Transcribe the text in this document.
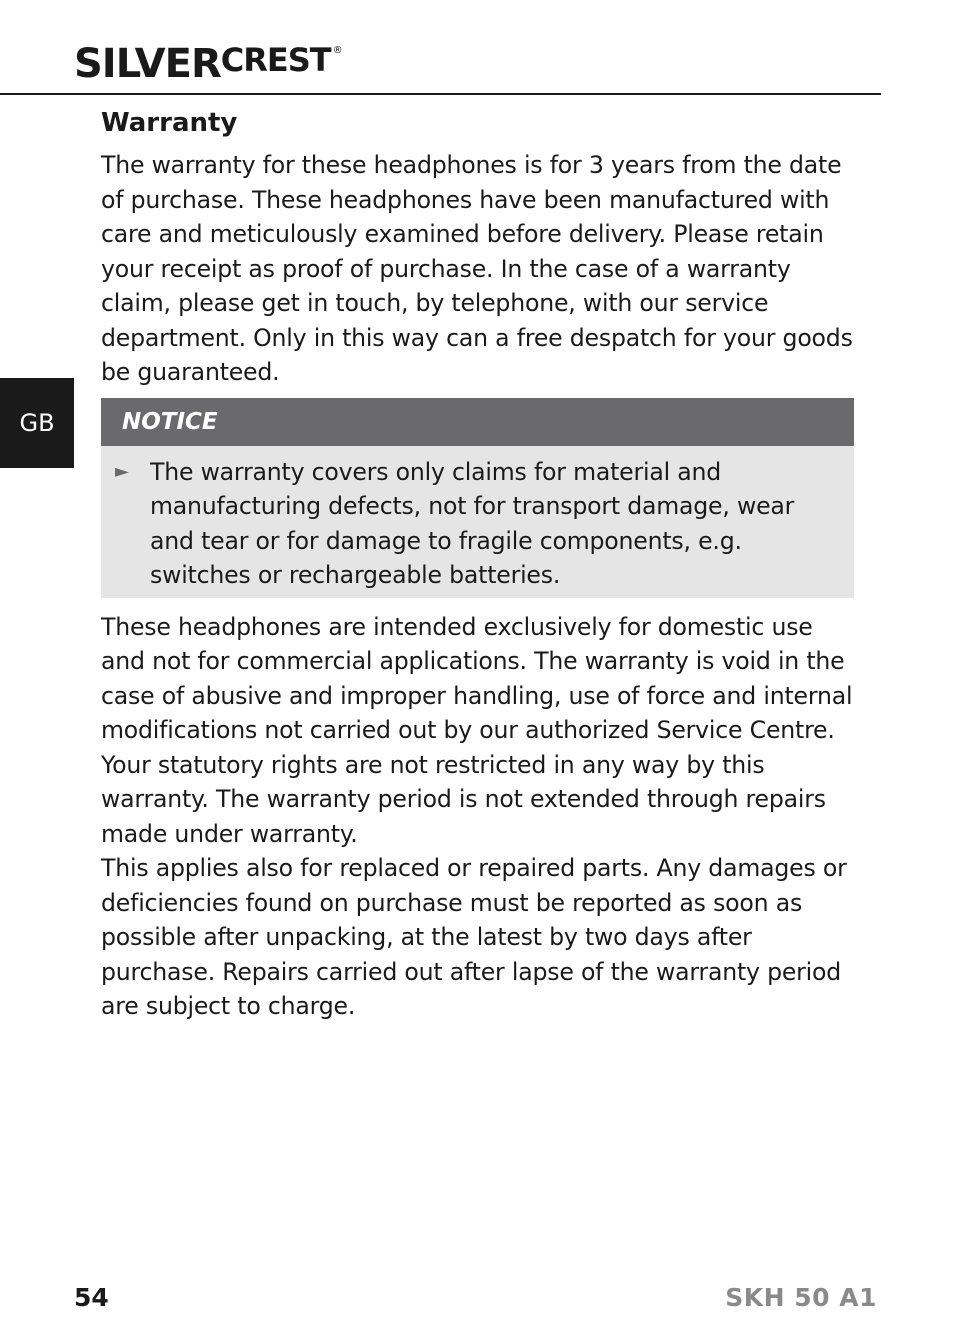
SILVER CREST ®
GB
Warranty

The warranty for these headphones is for 3 years from the date of purchase. These headphones have been manufactured with care and meticulously examined before delivery. Please retain your receipt as proof of purchase. In the case of a warranty claim, please get in touch, by telephone, with our service department. Only in this way can a free despatch for your goods be guaranteed.

NOTICE
► The warranty covers only claims for material and manufacturing defects, not for transport damage, wear and tear or for damage to fragile components, e.g. switches or rechargeable batteries.

These headphones are intended exclusively for domestic use and not for commercial applications. The warranty is void in the case of abusive and improper handling, use of force and internal modifications not carried out by our authorized Service Centre. Your statutory rights are not restricted in any way by this warranty. The warranty period is not extended through repairs made under warranty.

This applies also for replaced or repaired parts. Any damages or deficiencies found on purchase must be reported as soon as possible after unpacking, at the latest by two days after purchase. Repairs carried out after lapse of the warranty period are subject to charge.

54	SKH 50 A1
